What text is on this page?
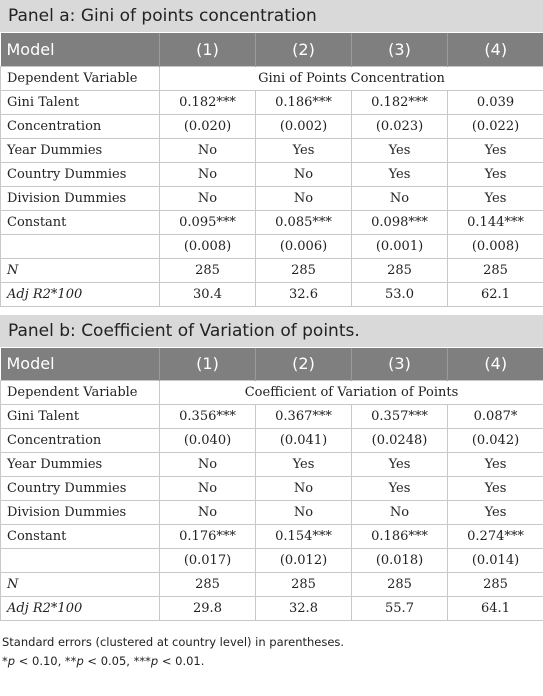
Panel a: Gini of points concentration
Model	(1)	(2)	(3)	(4)
Dependent Variable	Gini of Points Concentration			
Gini Talent	0.182***	0.186***	0.182***	0.039
Concentration	(0.020)	(0.002)	(0.023)	(0.022)
Year Dummies	No	Yes	Yes	Yes
Country Dummies	No	No	Yes	Yes
Division Dummies	No	No	No	Yes
Constant	0.095***	0.085***	0.098***	0.144***
	(0.008)	(0.006)	(0.001)	(0.008)
N	285	285	285	285
Adj R2*100	30.4	32.6	53.0	62.1
Panel b: Coefficient of Variation of points.
Model	(1)	(2)	(3)	(4)
Dependent Variable	Coefficient of Variation of Points			
Gini Talent	0.356***	0.367***	0.357***	0.087*
Concentration	(0.040)	(0.041)	(0.0248)	(0.042)
Year Dummies	No	Yes	Yes	Yes
Country Dummies	No	No	Yes	Yes
Division Dummies	No	No	No	Yes
Constant	0.176***	0.154***	0.186***	0.274***
	(0.017)	(0.012)	(0.018)	(0.014)
N	285	285	285	285
Adj R2*100	29.8	32.8	55.7	64.1
Standard errors (clustered at country level) in parentheses.
*p < 0.10, **p < 0.05, ***p < 0.01.
